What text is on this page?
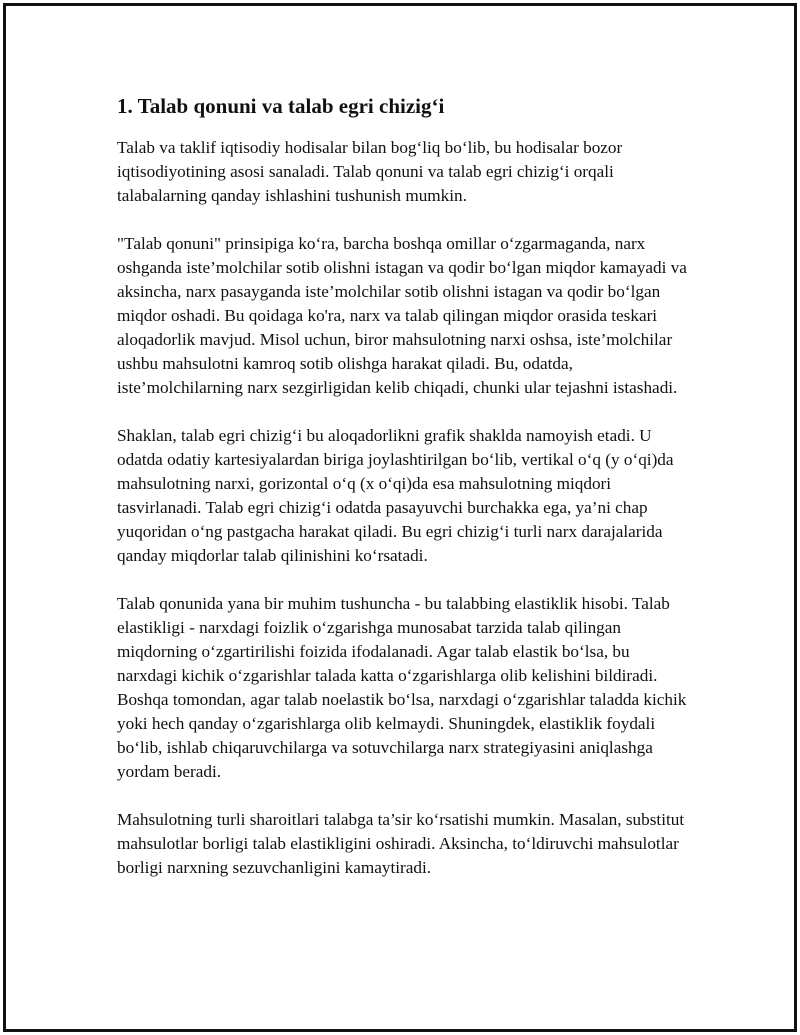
1. Talab qonuni va talab egri chizig‘i

Talab va taklif iqtisodiy hodisalar bilan bog‘liq bo‘lib, bu hodisalar bozor iqtisodiyotining asosi sanaladi. Talab qonuni va talab egri chizig‘i orqali talabalarning qanday ishlashini tushunish mumkin.

"Talab qonuni" prinsipiga ko‘ra, barcha boshqa omillar o‘zgarmaganda, narx oshganda iste’molchilar sotib olishni istagan va qodir bo‘lgan miqdor kamayadi va aksincha, narx pasayganda iste’molchilar sotib olishni istagan va qodir bo‘lgan miqdor oshadi. Bu qoidaga ko'ra, narx va talab qilingan miqdor orasida teskari aloqadorlik mavjud. Misol uchun, biror mahsulotning narxi oshsa, iste’molchilar ushbu mahsulotni kamroq sotib olishga harakat qiladi. Bu, odatda, iste’molchilarning narx sezgirligidan kelib chiqadi, chunki ular tejashni istashadi.

Shaklan, talab egri chizig‘i bu aloqadorlikni grafik shaklda namoyish etadi. U odatda odatiy kartesiyalardan biriga joylashtirilgan bo‘lib, vertikal o‘q (y o‘qi)da mahsulotning narxi, gorizontal o‘q (x o‘qi)da esa mahsulotning miqdori tasvirlanadi. Talab egri chizig‘i odatda pasayuvchi burchakka ega, ya’ni chap yuqoridan o‘ng pastgacha harakat qiladi. Bu egri chizig‘i turli narx darajalarida qanday miqdorlar talab qilinishini ko‘rsatadi.

Talab qonunida yana bir muhim tushuncha - bu talabbing elastiklik hisobi. Talab elastikligi - narxdagi foizlik o‘zgarishga munosabat tarzida talab qilingan miqdorning o‘zgartirilishi foizida ifodalanadi. Agar talab elastik bo‘lsa, bu narxdagi kichik o‘zgarishlar talada katta o‘zgarishlarga olib kelishini bildiradi. Boshqa tomondan, agar talab noelastik bo‘lsa, narxdagi o‘zgarishlar taladda kichik yoki hech qanday o‘zgarishlarga olib kelmaydi. Shuningdek, elastiklik foydali bo‘lib, ishlab chiqaruvchilarga va sotuvchilarga narx strategiyasini aniqlashga yordam beradi.

Mahsulotning turli sharoitlari talabga ta’sir ko‘rsatishi mumkin. Masalan, substitut mahsulotlar borligi talab elastikligini oshiradi. Aksincha, to‘ldiruvchi mahsulotlar borligi narxning sezuvchanligini kamaytiradi.
